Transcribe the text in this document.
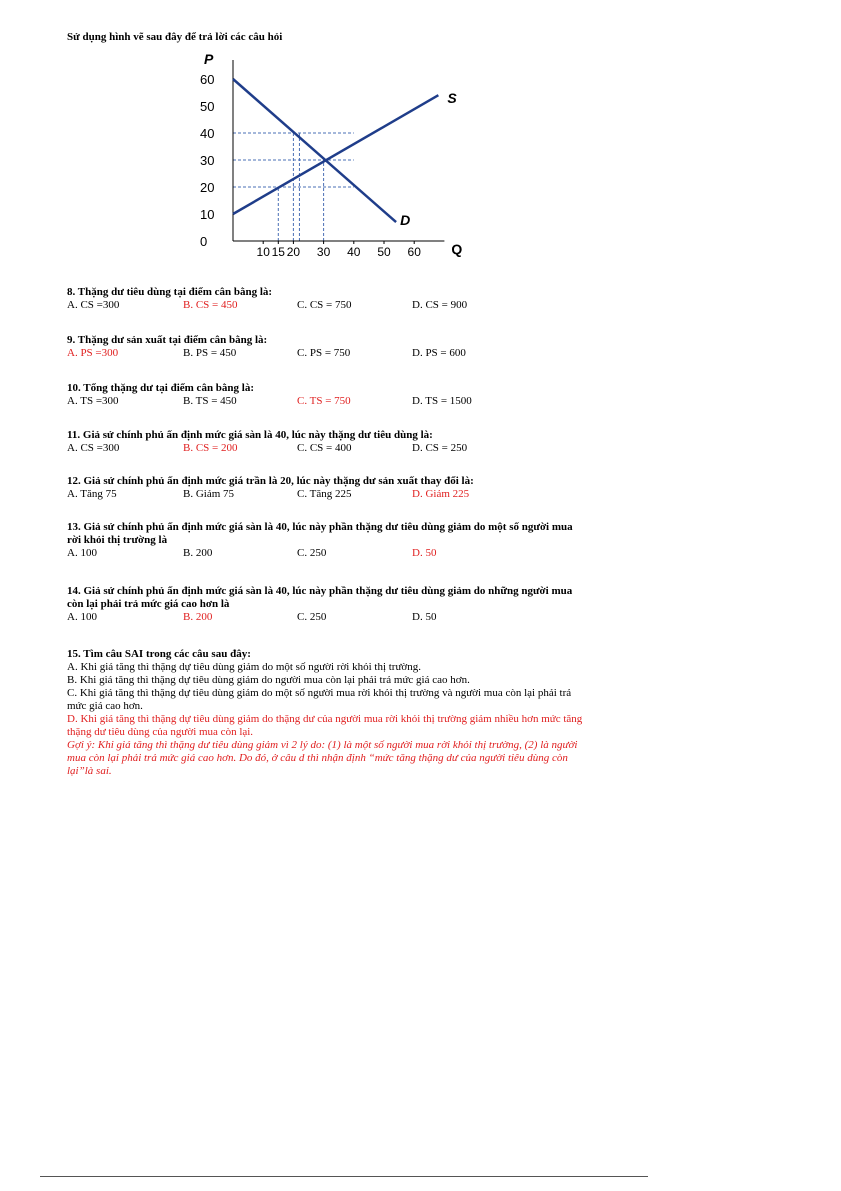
Sử dụng hình vẽ sau đây để trả lời các câu hỏi
S
D
P
Q
0
10
20
30
40
50
60
10 15 20 30 40 50 60
8. Thặng dư tiêu dùng tại điểm cân bằng là:
A. CS =300	B. CS = 450	C. CS = 750	D. CS = 900
9. Thặng dư sản xuất tại điểm cân bằng là:
A. PS =300	B. PS = 450	C. PS = 750	D. PS = 600
10. Tổng thặng dư tại điểm cân bằng là:
A. TS =300	B. TS = 450	C. TS = 750	D. TS = 1500
11. Giả sử chính phủ ấn định mức giá sàn là 40, lúc này thặng dư tiêu dùng là:
A. CS =300	B. CS = 200	C. CS = 400	D. CS = 250
12. Giả sử chính phủ ấn định mức giá trần là 20, lúc này thặng dư sản xuất thay đổi là:
A. Tăng 75	B. Giảm 75	C. Tăng 225	D. Giảm 225
13. Giả sử chính phủ ấn định mức giá sàn là 40, lúc này phần thặng dư tiêu dùng giảm do một số người mua rời khỏi thị trường là
A. 100	B. 200	C. 250	D. 50
14. Giả sử chính phủ ấn định mức giá sàn là 40, lúc này phần thặng dư tiêu dùng giảm do những người mua còn lại phải trả mức giá cao hơn là
A. 100	B. 200	C. 250	D. 50
15. Tìm câu SAI trong các câu sau đây:
A. Khi giá tăng thì thặng dự tiêu dùng giảm do một số người rời khỏi thị trường.
B. Khi giá tăng thì thặng dự tiêu dùng giảm do người mua còn lại phải trả mức giá cao hơn.
C. Khi giá tăng thì thặng dự tiêu dùng giảm do một số người mua rời khỏi thị trường và người mua còn lại phải trả mức giá cao hơn.
D. Khi giá tăng thì thặng dự tiêu dùng giảm do thặng dư của người mua rời khỏi thị trường giảm nhiều hơn mức tăng thặng dư tiêu dùng của người mua còn lại.
Gợi ý: Khi giá tăng thì thặng dư tiêu dùng giảm vì 2 lý do: (1) là một số người mua rời khỏi thị trường, (2) là người mua còn lại phải trả mức giá cao hơn. Do đó, ở câu d thì nhận định “mức tăng thặng dư của người tiêu dùng còn lại”là sai.
